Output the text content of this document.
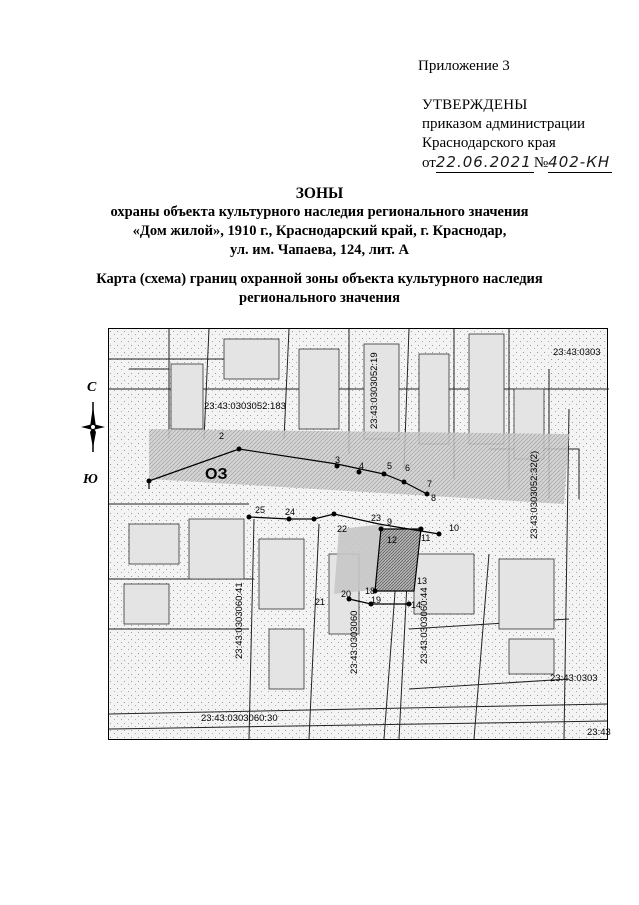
Приложение 3
УТВЕРЖДЕНЫ
приказом администрации
Краснодарского края
от 22.06.2021 № 402-КН
ЗОНЫ
охраны объекта культурного наследия регионального значения
«Дом жилой», 1910 г., Краснодарский край, г. Краснодар,
ул. им. Чапаева, 124, лит. А
Карта (схема) границ охранной зоны объекта культурного наследия
регионального значения
С
Ю
23:43:0303052:183	23:43:0303052:19
23:43:0303052:32(2)
23:43:0303060:41	23:43:0303060:44
23:43:0303060
23:43:0303
23:43:0303060:30
23:43:0303
23:43
ОЗ
2
3
4	5 6
7
8
9
10
11
12
13
14
18
19
20
21
22
23
24
25
